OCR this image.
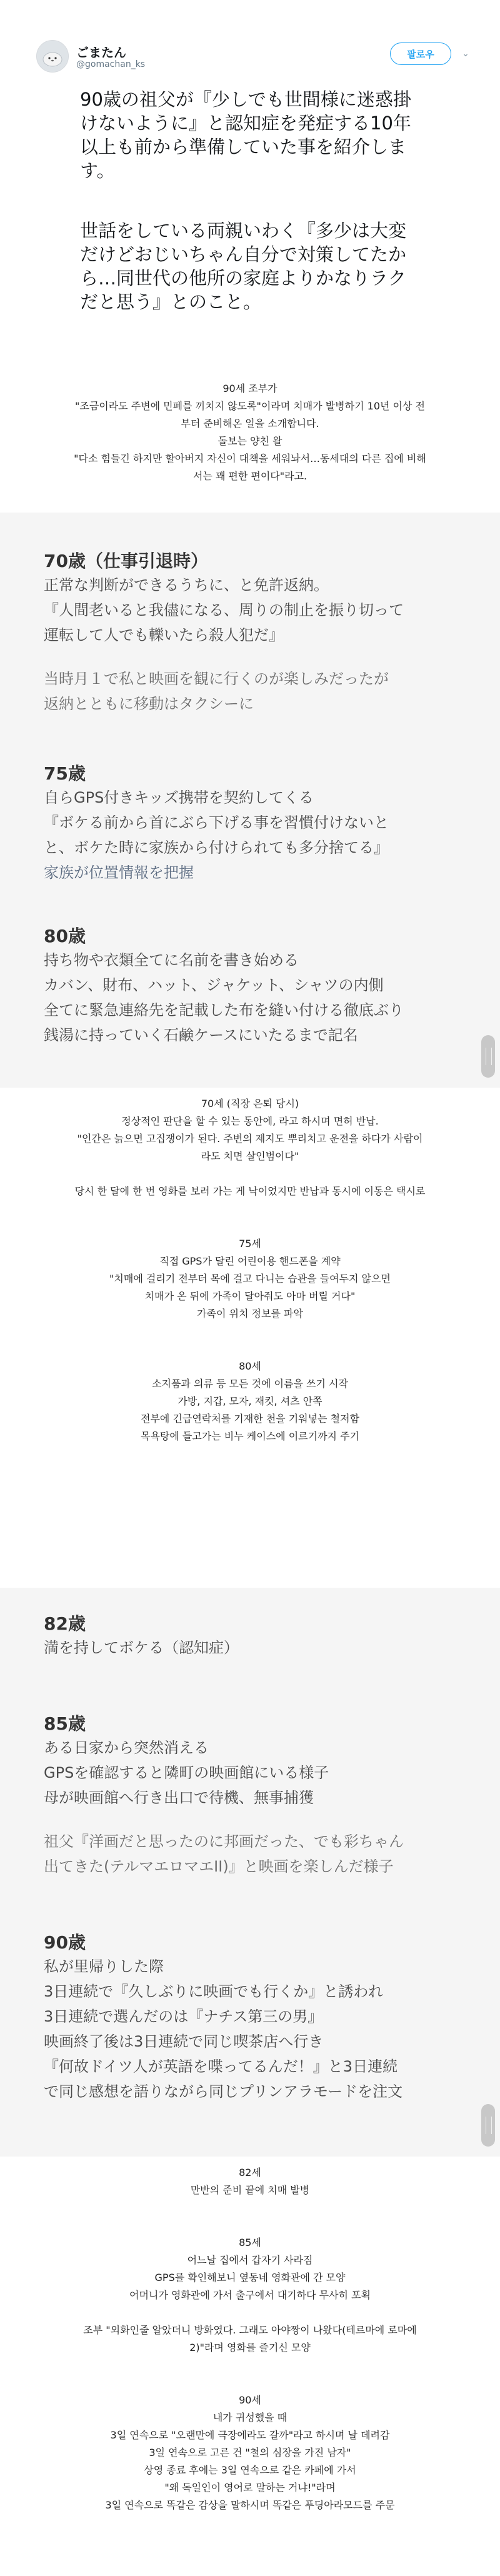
ごまたん
@gomachan_ks
팔로우	⌄
90歳の祖父が『少しでも世間様に迷惑掛
けないように』と認知症を発症する10年
以上も前から準備していた事を紹介しま
す。
世話をしている両親いわく『多少は大変
だけどおじいちゃん自分で対策してたか
ら…同世代の他所の家庭よりかなりラク
だと思う』とのこと。
90세 조부가
"조금이라도 주변에 민폐를 끼치지 않도록"이라며 치매가 발병하기 10년 이상 전
부터 준비해온 일을 소개합니다.
돌보는 양친 왈
"다소 힘들긴 하지만 할아버지 자신이 대책을 세워놔서…동세대의 다른 집에 비해
서는 꽤 편한 편이다"라고.
70歳（仕事引退時）
正常な判断ができるうちに、と免許返納。
『人間老いると我儘になる、周りの制止を振り切って
運転して人でも轢いたら殺人犯だ』
当時月１で私と映画を観に行くのが楽しみだったが
返納とともに移動はタクシーに
75歳
自らGPS付きキッズ携帯を契約してくる
『ボケる前から首にぶら下げる事を習慣付けないと
と、ボケた時に家族から付けられても多分捨てる』
家族が位置情報を把握
80歳
持ち物や衣類全てに名前を書き始める
カバン、財布、ハット、ジャケット、シャツの内側
全てに緊急連絡先を記載した布を縫い付ける徹底ぶり
銭湯に持っていく石鹸ケースにいたるまで記名
70세 (직장 은퇴 당시)
정상적인 판단을 할 수 있는 동안에, 라고 하시며 면허 반납.
"인간은 늙으면 고집쟁이가 된다. 주변의 제지도 뿌리치고 운전을 하다가 사람이
라도 치면 살인범이다"

당시 한 달에 한 번 영화를 보러 가는 게 낙이었지만 반납과 동시에 이동은 택시로

75세
직접 GPS가 달린 어린이용 핸드폰을 계약
"치매에 걸리기 전부터 목에 걸고 다니는 습관을 들여두지 않으면
치매가 온 뒤에 가족이 달아줘도 아마 버릴 거다"
가족이 위치 정보를 파악

80세
소지품과 의류 등 모든 것에 이름을 쓰기 시작
가방, 지갑, 모자, 재킷, 셔츠 안쪽
전부에 긴급연락처를 기재한 천을 기워넣는 철저함
목욕탕에 들고가는 비누 케이스에 이르기까지 주기
82歳
満を持してボケる（認知症）
85歳
ある日家から突然消える
GPSを確認すると隣町の映画館にいる様子
母が映画館へ行き出口で待機、無事捕獲
祖父『洋画だと思ったのに邦画だった、でも彩ちゃん
出てきた(テルマエロマエII)』と映画を楽しんだ様子
90歳
私が里帰りした際
3日連続で『久しぶりに映画でも行くか』と誘われ
3日連続で選んだのは『ナチス第三の男』
映画終了後は3日連続で同じ喫茶店へ行き
『何故ドイツ人が英語を喋ってるんだ！』と3日連続
で同じ感想を語りながら同じプリンアラモードを注文
82세
만반의 준비 끝에 치매 발병

85세
어느날 집에서 갑자기 사라짐
GPS를 확인해보니 옆동네 영화관에 간 모양
어머니가 영화관에 가서 출구에서 대기하다 무사히 포획

조부 "외화인줄 알았더니 방화였다. 그래도 아야짱이 나왔다(테르마에 로마에
2)"라며 영화를 즐기신 모양

90세
내가 귀성했을 때
3일 연속으로 "오랜만에 극장에라도 갈까"라고 하시며 날 데려감
3일 연속으로 고른 건 "철의 심장을 가진 남자"
상영 종료 후에는 3일 연속으로 같은 카페에 가서
"왜 독일인이 영어로 말하는 거냐!"라며
3일 연속으로 똑같은 감상을 말하시며 똑같은 푸딩아라모드를 주문
